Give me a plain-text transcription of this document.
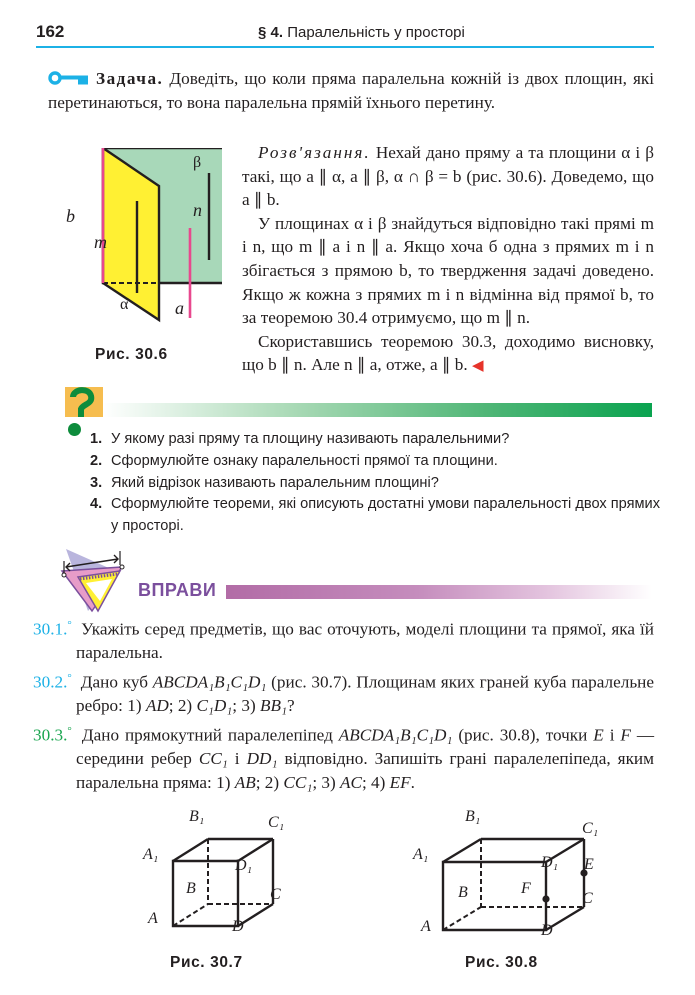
162	§ 4. Паралельність у просторі
Задача. Доведіть, що коли пряма паралельна кожній із двох площин, які перетинаються, то вона паралельна прямій їхнього перетину.
b
m
n
a
α
β
Рис. 30.6

Розв'язання. Нехай дано пряму a та площини α і β такі, що a ∥ α, a ∥ β, α ∩ β = b (рис. 30.6). Доведемо, що a ∥ b.

У площинах α і β знайдуться відповідно такі прямі m і n, що m ∥ a і n ∥ a. Якщо хоча б одна з прямих m і n збігається з прямою b, то твердження задачі доведено. Якщо ж кожна з прямих m і n відмінна від прямої b, то за теоремою 30.4 отримуємо, що m ∥ n.

Скориставшись теоремою 30.3, доходимо висновку, що b ∥ n. Але n ∥ a, отже, a ∥ b. ◀

1. У якому разі пряму та площину називають паралельними?
2. Сформулюйте ознаку паралельності прямої та площини.
3. Який відрізок називають паралельним площині?
4. Сформулюйте теореми, які описують достатні умови паралельності двох прямих у просторі.
ВПРАВИ
30.1.° Укажіть серед предметів, що вас оточують, моделі площини та прямої, яка їй паралельна.
30.2.° Дано куб ABCDA₁B₁C₁D₁ (рис. 30.7). Площинам яких граней куба паралельне ребро: 1) AD; 2) C₁D₁; 3) BB₁?
30.3.° Дано прямокутний паралелепіпед ABCDA₁B₁C₁D₁ (рис. 30.8), точки E і F — середини ребер CC₁ і DD₁ відповідно. Запишіть грані паралелепіпеда, яким паралельна пряма: 1) AB; 2) CC₁; 3) AC; 4) EF.
A₁
B₁	C₁
D₁
B	C
A	D
Рис. 30.7
A₁
B₁
C₁
D₁ E
F
B	C
A	D
Рис. 30.8
